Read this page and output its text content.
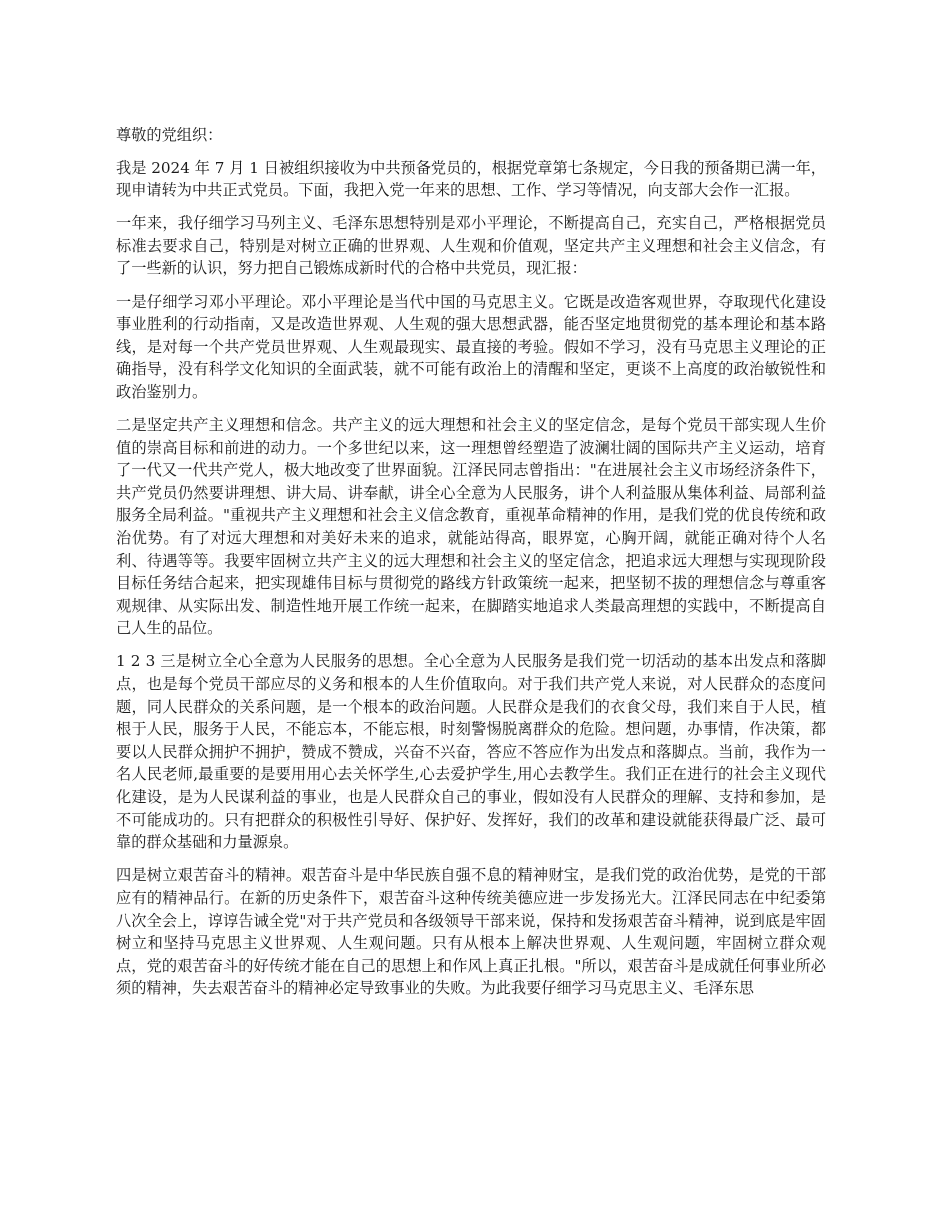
尊敬的党组织：

我是 2024 年 7 月 1 日被组织接收为中共预备党员的，根据党章第七条规定，今日我的预备期已满一年，现申请转为中共正式党员。下面，我把入党一年来的思想、工作、学习等情况，向支部大会作一汇报。

一年来，我仔细学习马列主义、毛泽东思想特别是邓小平理论，不断提高自己，充实自己，严格根据党员标准去要求自己，特别是对树立正确的世界观、人生观和价值观，坚定共产主义理想和社会主义信念，有了一些新的认识，努力把自己锻炼成新时代的合格中共党员，现汇报：

一是仔细学习邓小平理论。邓小平理论是当代中国的马克思主义。它既是改造客观世界，夺取现代化建设事业胜利的行动指南，又是改造世界观、人生观的强大思想武器，能否坚定地贯彻党的基本理论和基本路线，是对每一个共产党员世界观、人生观最现实、最直接的考验。假如不学习，没有马克思主义理论的正确指导，没有科学文化知识的全面武装，就不可能有政治上的清醒和坚定，更谈不上高度的政治敏锐性和政治鉴别力。

二是坚定共产主义理想和信念。共产主义的远大理想和社会主义的坚定信念，是每个党员干部实现人生价值的崇高目标和前进的动力。一个多世纪以来，这一理想曾经塑造了波澜壮阔的国际共产主义运动，培育了一代又一代共产党人，极大地改变了世界面貌。江泽民同志曾指出："在进展社会主义市场经济条件下，共产党员仍然要讲理想、讲大局、讲奉献，讲全心全意为人民服务，讲个人利益服从集体利益、局部利益服务全局利益。"重视共产主义理想和社会主义信念教育，重视革命精神的作用，是我们党的优良传统和政治优势。有了对远大理想和对美好未来的追求，就能站得高，眼界宽，心胸开阔，就能正确对待个人名利、待遇等等。我要牢固树立共产主义的远大理想和社会主义的坚定信念，把追求远大理想与实现现阶段目标任务结合起来，把实现雄伟目标与贯彻党的路线方针政策统一起来，把坚韧不拔的理想信念与尊重客观规律、从实际出发、制造性地开展工作统一起来，在脚踏实地追求人类最高理想的实践中，不断提高自己人生的品位。

1 2 3 三是树立全心全意为人民服务的思想。全心全意为人民服务是我们党一切活动的基本出发点和落脚点，也是每个党员干部应尽的义务和根本的人生价值取向。对于我们共产党人来说，对人民群众的态度问题，同人民群众的关系问题，是一个根本的政治问题。人民群众是我们的衣食父母，我们来自于人民，植根于人民，服务于人民，不能忘本，不能忘根，时刻警惕脱离群众的危险。想问题，办事情，作决策，都要以人民群众拥护不拥护，赞成不赞成，兴奋不兴奋，答应不答应作为出发点和落脚点。当前，我作为一名人民老师,最重要的是要用用心去关怀学生,心去爱护学生,用心去教学生。我们正在进行的社会主义现代化建设，是为人民谋利益的事业，也是人民群众自己的事业，假如没有人民群众的理解、支持和参加，是不可能成功的。只有把群众的积极性引导好、保护好、发挥好，我们的改革和建设就能获得最广泛、最可靠的群众基础和力量源泉。

四是树立艰苦奋斗的精神。艰苦奋斗是中华民族自强不息的精神财宝，是我们党的政治优势，是党的干部应有的精神品行。在新的历史条件下，艰苦奋斗这种传统美德应进一步发扬光大。江泽民同志在中纪委第八次全会上，谆谆告诫全党"对于共产党员和各级领导干部来说，保持和发扬艰苦奋斗精神，说到底是牢固树立和坚持马克思主义世界观、人生观问题。只有从根本上解决世界观、人生观问题，牢固树立群众观点，党的艰苦奋斗的好传统才能在自己的思想上和作风上真正扎根。"所以，艰苦奋斗是成就任何事业所必须的精神，失去艰苦奋斗的精神必定导致事业的失败。为此我要仔细学习马克思主义、毛泽东思
